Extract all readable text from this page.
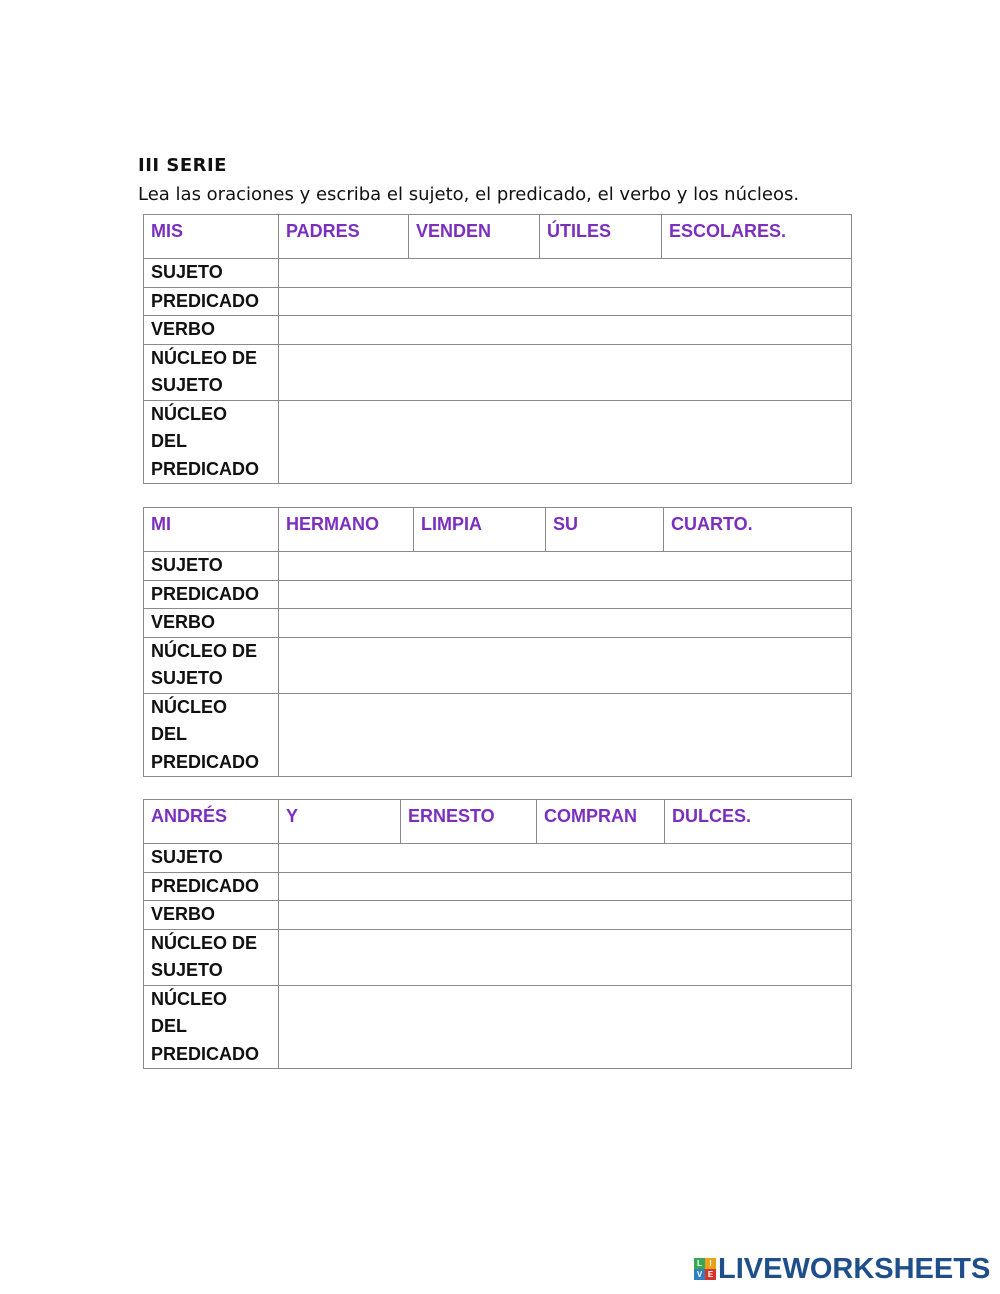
III SERIE
Lea las oraciones y escriba el sujeto, el predicado, el verbo y los núcleos.
MIS	PADRES	VENDEN	ÚTILES	ESCOLARES.
SUJETO				
PREDICADO				
VERBO				
NÚCLEO DE
SUJETO				
NÚCLEO
DEL
PREDICADO				
MI	HERMANO	LIMPIA	SU	CUARTO.
SUJETO				
PREDICADO				
VERBO				
NÚCLEO DE
SUJETO				
NÚCLEO
DEL
PREDICADO				
ANDRÉS	Y	ERNESTO	COMPRAN	DULCES.
SUJETO				
PREDICADO				
VERBO				
NÚCLEO DE
SUJETO				
NÚCLEO
DEL
PREDICADO				
L I
V E LIVEWORKSHEETS
